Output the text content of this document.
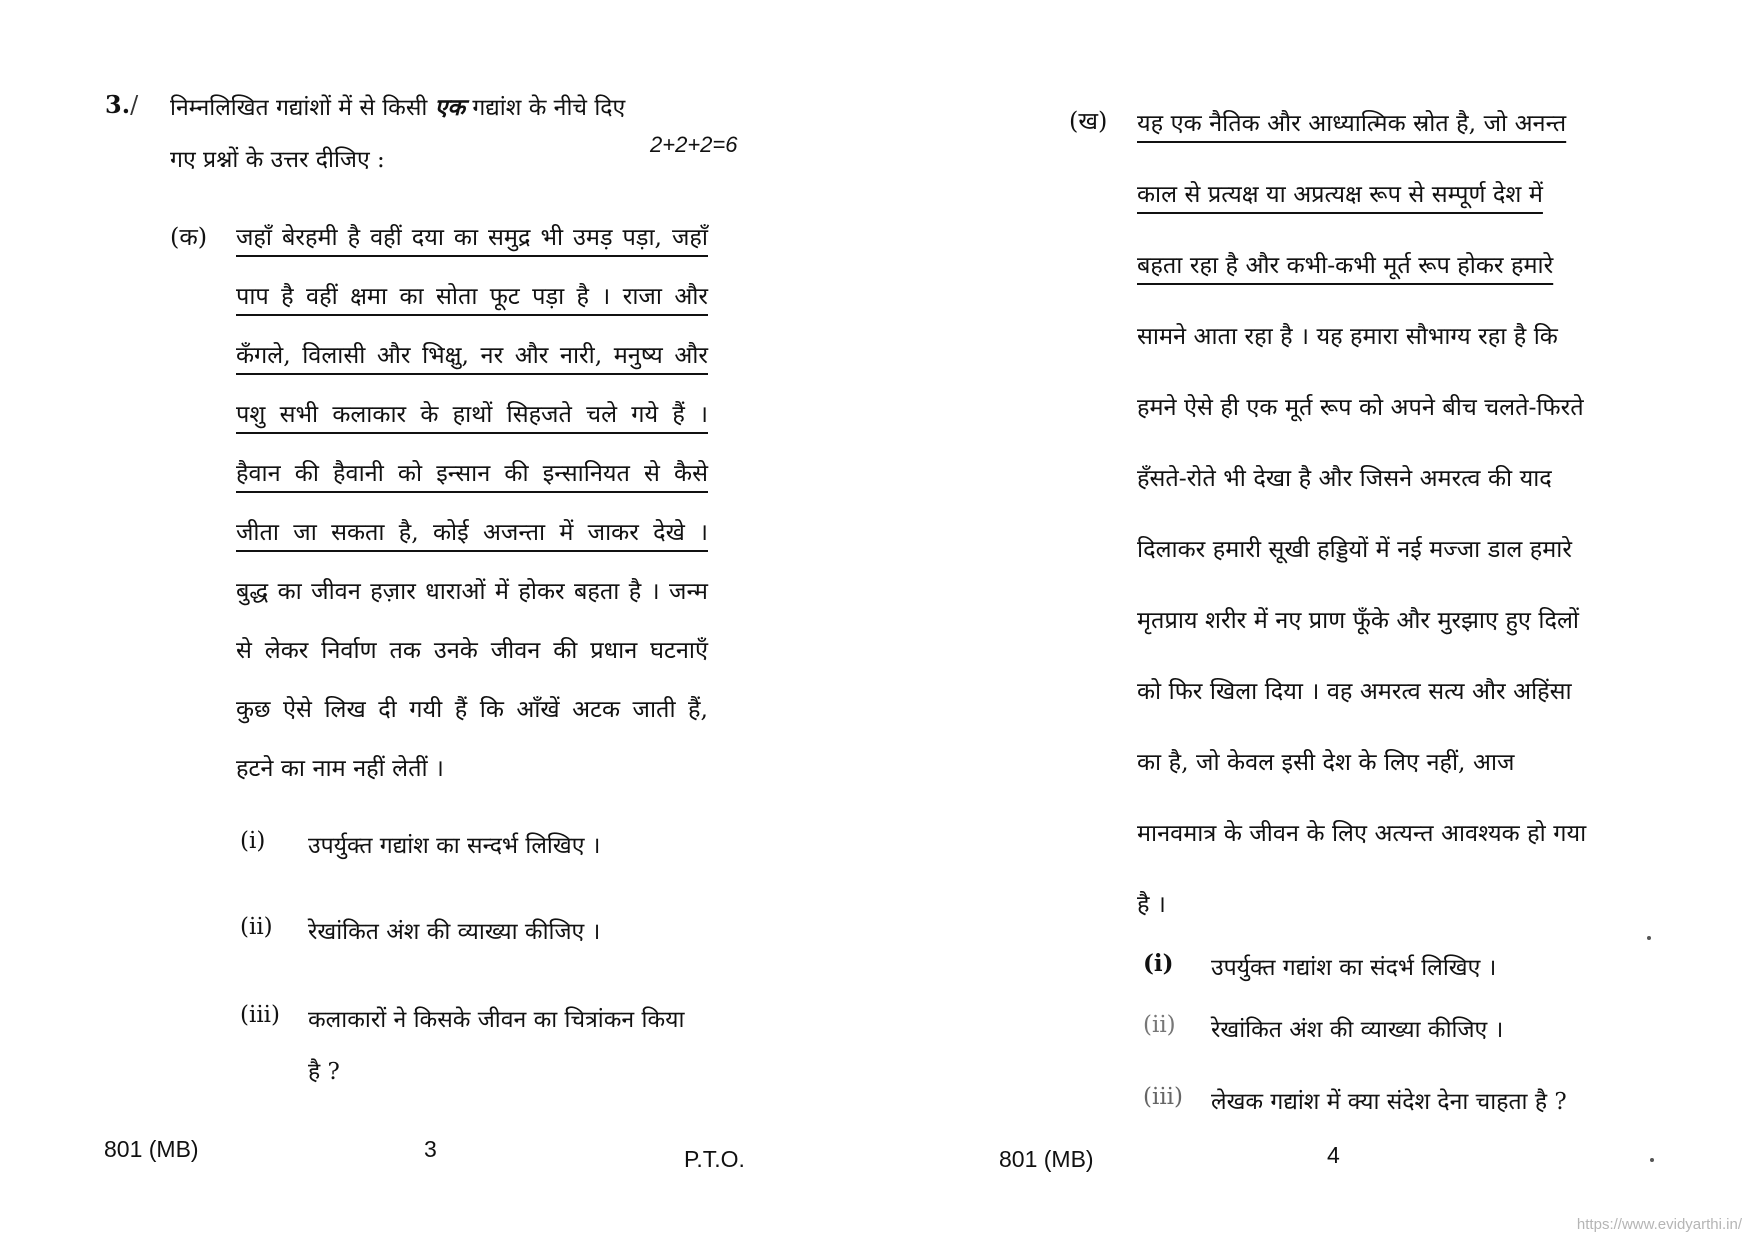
3./ निम्नलिखित गद्यांशों में से किसी एक गद्यांश के नीचे दिए
गए प्रश्नों के उत्तर दीजिए :
2+2+2=6
(क) जहाँ बेरहमी है वहीं दया का समुद्र भी उमड़ पड़ा, जहाँ
पाप है वहीं क्षमा का सोता फूट पड़ा है । राजा और
कँगले, विलासी और भिक्षु, नर और नारी, मनुष्य और
पशु सभी कलाकार के हाथों सिहजते चले गये हैं ।
हैवान की हैवानी को इन्सान की इन्सानियत से कैसे
जीता जा सकता है, कोई अजन्ता में जाकर देखे ।
बुद्ध का जीवन हज़ार धाराओं में होकर बहता है । जन्म
से लेकर निर्वाण तक उनके जीवन की प्रधान घटनाएँ
कुछ ऐसे लिख दी गयी हैं कि आँखें अटक जाती हैं,
हटने का नाम नहीं लेतीं ।
(i) उपर्युक्त गद्यांश का सन्दर्भ लिखिए ।
(ii) रेखांकित अंश की व्याख्या कीजिए ।
(iii) कलाकारों ने किसके जीवन का चित्रांकन किया
है ?
801 (MB)	3	P.T.O.
(ख) यह एक नैतिक और आध्यात्मिक स्रोत है, जो अनन्त
काल से प्रत्यक्ष या अप्रत्यक्ष रूप से सम्पूर्ण देश में
बहता रहा है और कभी-कभी मूर्त रूप होकर हमारे
सामने आता रहा है । यह हमारा सौभाग्य रहा है कि
हमने ऐसे ही एक मूर्त रूप को अपने बीच चलते-फिरते
हँसते-रोते भी देखा है और जिसने अमरत्व की याद
दिलाकर हमारी सूखी हड्डियों में नई मज्जा डाल हमारे
मृतप्राय शरीर में नए प्राण फूँके और मुरझाए हुए दिलों
को फिर खिला दिया । वह अमरत्व सत्य और अहिंसा
का है, जो केवल इसी देश के लिए नहीं, आज
मानवमात्र के जीवन के लिए अत्यन्त आवश्यक हो गया
है ।
(i) उपर्युक्त गद्यांश का संदर्भ लिखिए ।
(ii) रेखांकित अंश की व्याख्या कीजिए ।
(iii) लेखक गद्यांश में क्या संदेश देना चाहता है ?
801 (MB)	4
https://www.evidyarthi.in/
